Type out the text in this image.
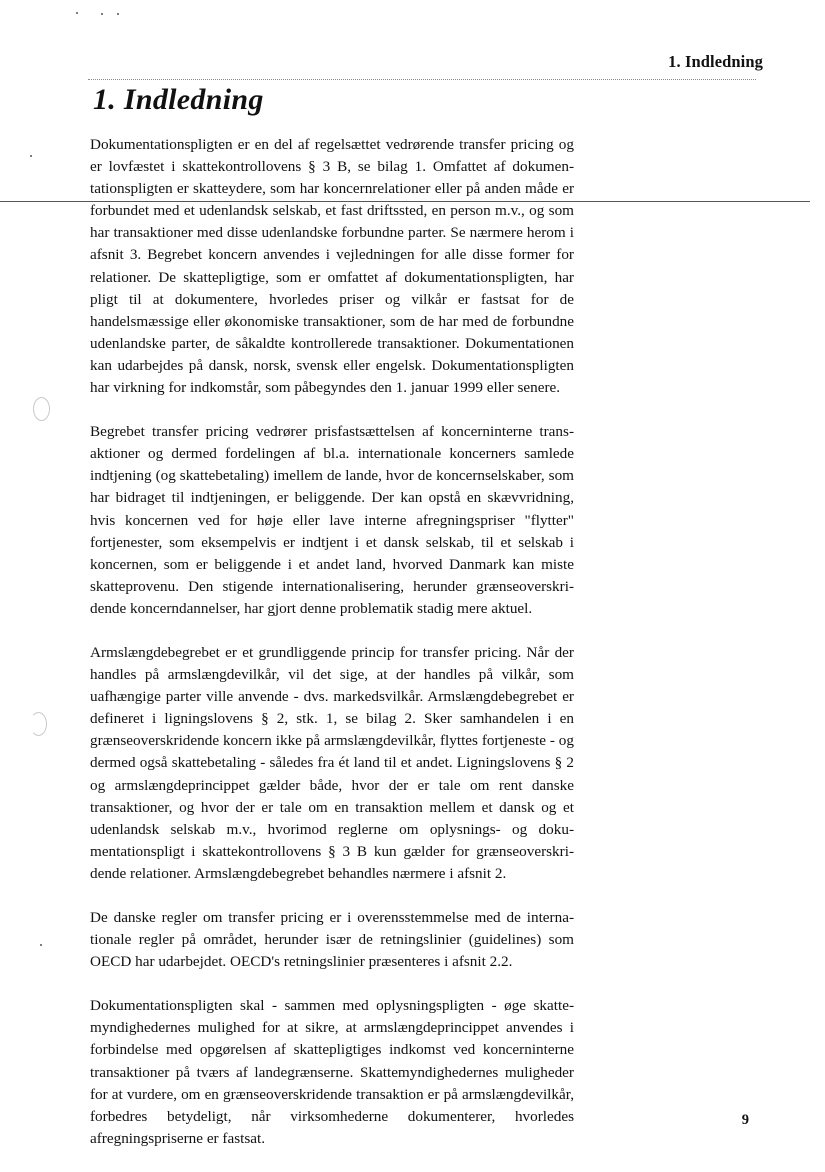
1. Indledning
1. Indledning

Dokumentationspligten er en del af regelsættet vedrørende transfer pricing og er lovfæstet i skattekontrollovens § 3 B, se bilag 1. Omfattet af dokumentationspligten er skatteydere, som har koncernrelationer eller på anden måde er forbundet med et udenlandsk selskab, et fast driftssted, en person m.v., og som har transaktioner med disse udenlandske forbundne parter. Se nærmere herom i afsnit 3. Begrebet koncern anvendes i vejledningen for alle disse former for relationer. De skattepligtige, som er omfattet af dokumentationspligten, har pligt til at dokumentere, hvorledes priser og vilkår er fastsat for de handelsmæssige eller økonomiske transaktioner, som de har med de forbundne udenlandske parter, de såkaldte kontrollerede transaktioner. Dokumentationen kan udarbejdes på dansk, norsk, svensk eller engelsk. Dokumentationspligten har virkning for indkomstår, som påbegyndes den 1. januar 1999 eller senere.

Begrebet transfer pricing vedrører prisfastsættelsen af koncerninterne transaktioner og dermed fordelingen af bl.a. internationale koncerners samlede indtjening (og skattebetaling) imellem de lande, hvor de koncernselskaber, som har bidraget til indtjeningen, er beliggende. Der kan opstå en skævvridning, hvis koncernen ved for høje eller lave interne afregningspriser "flytter" fortjenester, som eksempelvis er indtjent i et dansk selskab, til et selskab i koncernen, som er beliggende i et andet land, hvorved Danmark kan miste skatteprovenu. Den stigende internationalisering, herunder grænseoverskridende koncerndannelser, har gjort denne problematik stadig mere aktuel.

Armslængdebegrebet er et grundliggende princip for transfer pricing. Når der handles på armslængdevilkår, vil det sige, at der handles på vilkår, som uafhængige parter ville anvende - dvs. markedsvilkår. Armslængdebegrebet er defineret i ligningslovens § 2, stk. 1, se bilag 2. Sker samhandelen i en grænseoverskridende koncern ikke på armslængdevilkår, flyttes fortjeneste - og dermed også skattebetaling - således fra ét land til et andet. Ligningslovens § 2 og armslængdeprincippet gælder både, hvor der er tale om rent danske transaktioner, og hvor der er tale om en transaktion mellem et dansk og et udenlandsk selskab m.v., hvorimod reglerne om oplysnings- og dokumentationspligt i skattekontrollovens § 3 B kun gælder for grænseoverskridende relationer. Armslængdebegrebet behandles nærmere i afsnit 2.

De danske regler om transfer pricing er i overensstemmelse med de internationale regler på området, herunder især de retningslinier (guidelines) som OECD har udarbejdet. OECD's retningslinier præsenteres i afsnit 2.2.

Dokumentationspligten skal - sammen med oplysningspligten - øge skattemyndighedernes mulighed for at sikre, at armslængdeprincippet anvendes i forbindelse med opgørelsen af skattepligtiges indkomst ved koncerninterne transaktioner på tværs af landegrænserne. Skattemyndighedernes muligheder for at vurdere, om en grænseoverskridende transaktion er på armslængdevilkår, forbedres betydeligt, når virksomhederne dokumenterer, hvorledes afregningspriserne er fastsat.

9
